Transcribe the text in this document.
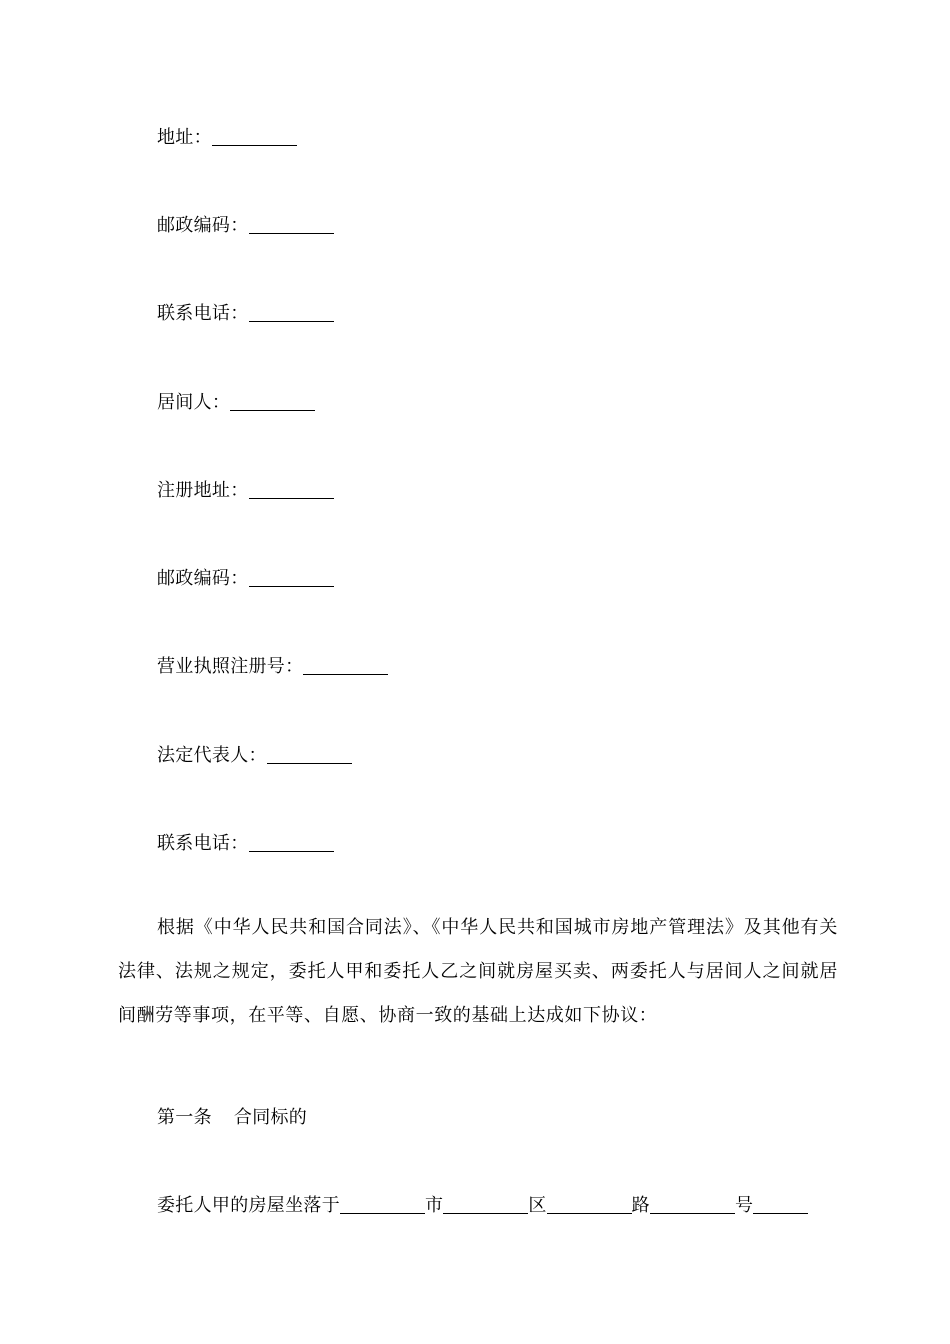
地址：
邮政编码：
联系电话：
居间人：
注册地址：
邮政编码：
营业执照注册号：
法定代表人：
联系电话：
根据《中华人民共和国合同法》、《中华人民共和国城市房地产管理法》及其他有关法律、法规之规定，委托人甲和委托人乙之间就房屋买卖、两委托人与居间人之间就居间酬劳等事项，在平等、自愿、协商一致的基础上达成如下协议：
第一条 合同标的
委托人甲的房屋坐落于	市	区	路	号
